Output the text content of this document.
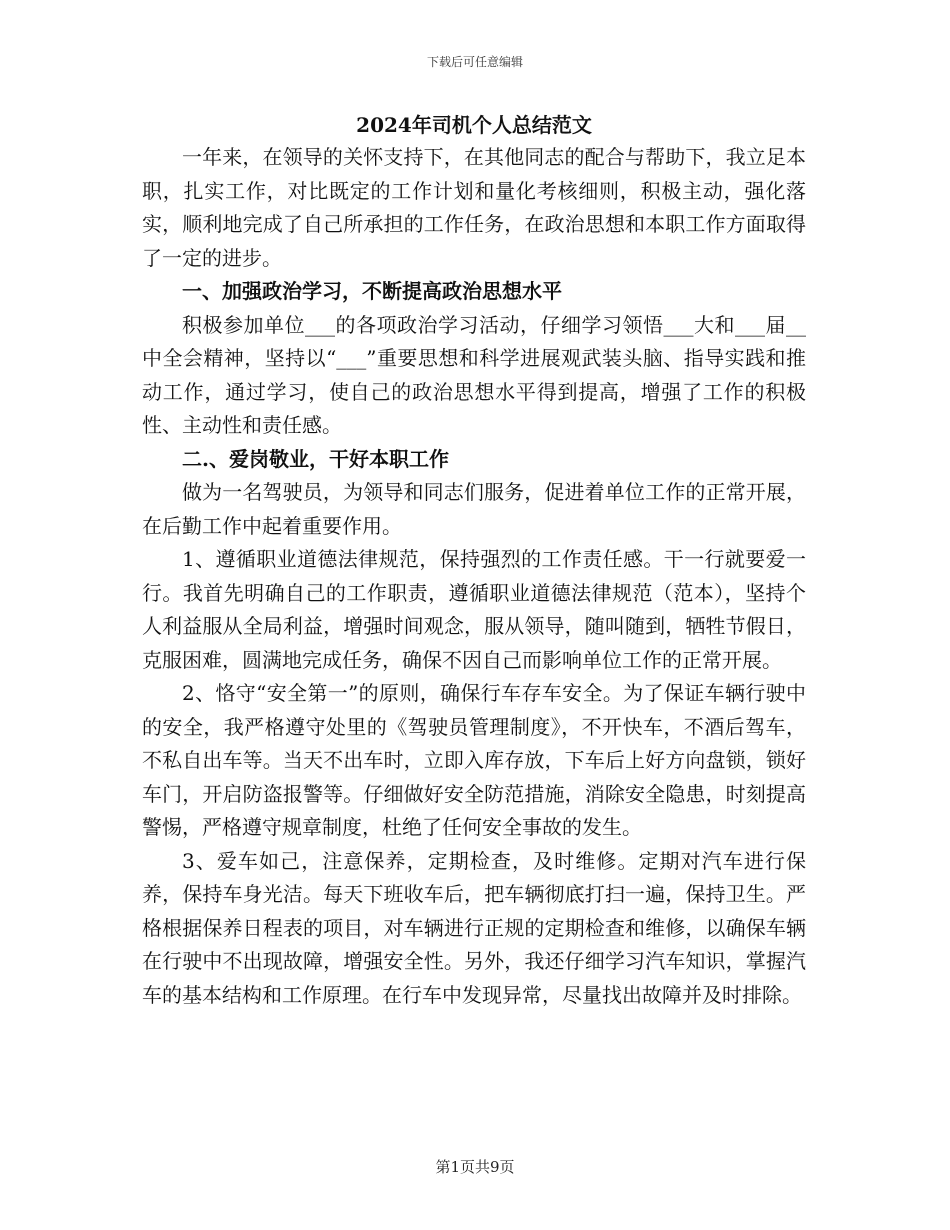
下载后可任意编辑

2024年司机个人总结范文

一年来，在领导的关怀支持下，在其他同志的配合与帮助下，我立足本职，扎实工作，对比既定的工作计划和量化考核细则，积极主动，强化落实，顺利地完成了自己所承担的工作任务，在政治思想和本职工作方面取得了一定的进步。

一、加强政治学习，不断提高政治思想水平

积极参加单位___的各项政治学习活动，仔细学习领悟___大和___届__中全会精神，坚持以“___”重要思想和科学进展观武装头脑、指导实践和推动工作，通过学习，使自己的政治思想水平得到提高，增强了工作的积极性、主动性和责任感。

二.、爱岗敬业，干好本职工作

做为一名驾驶员，为领导和同志们服务，促进着单位工作的正常开展，在后勤工作中起着重要作用。

1、遵循职业道德法律规范，保持强烈的工作责任感。干一行就要爱一行。我首先明确自己的工作职责，遵循职业道德法律规范（范本），坚持个人利益服从全局利益，增强时间观念，服从领导，随叫随到，牺牲节假日，克服困难，圆满地完成任务，确保不因自己而影响单位工作的正常开展。

2、恪守“安全第一”的原则，确保行车存车安全。为了保证车辆行驶中的安全，我严格遵守处里的《驾驶员管理制度》，不开快车，不酒后驾车，不私自出车等。当天不出车时，立即入库存放，下车后上好方向盘锁，锁好车门，开启防盗报警等。仔细做好安全防范措施，消除安全隐患，时刻提高警惕，严格遵守规章制度，杜绝了任何安全事故的发生。

3、爱车如己，注意保养，定期检查，及时维修。定期对汽车进行保养，保持车身光洁。每天下班收车后，把车辆彻底打扫一遍，保持卫生。严格根据保养日程表的项目，对车辆进行正规的定期检查和维修，以确保车辆在行驶中不出现故障，增强安全性。另外，我还仔细学习汽车知识，掌握汽车的基本结构和工作原理。在行车中发现异常，尽量找出故障并及时排除。

第1页共9页
